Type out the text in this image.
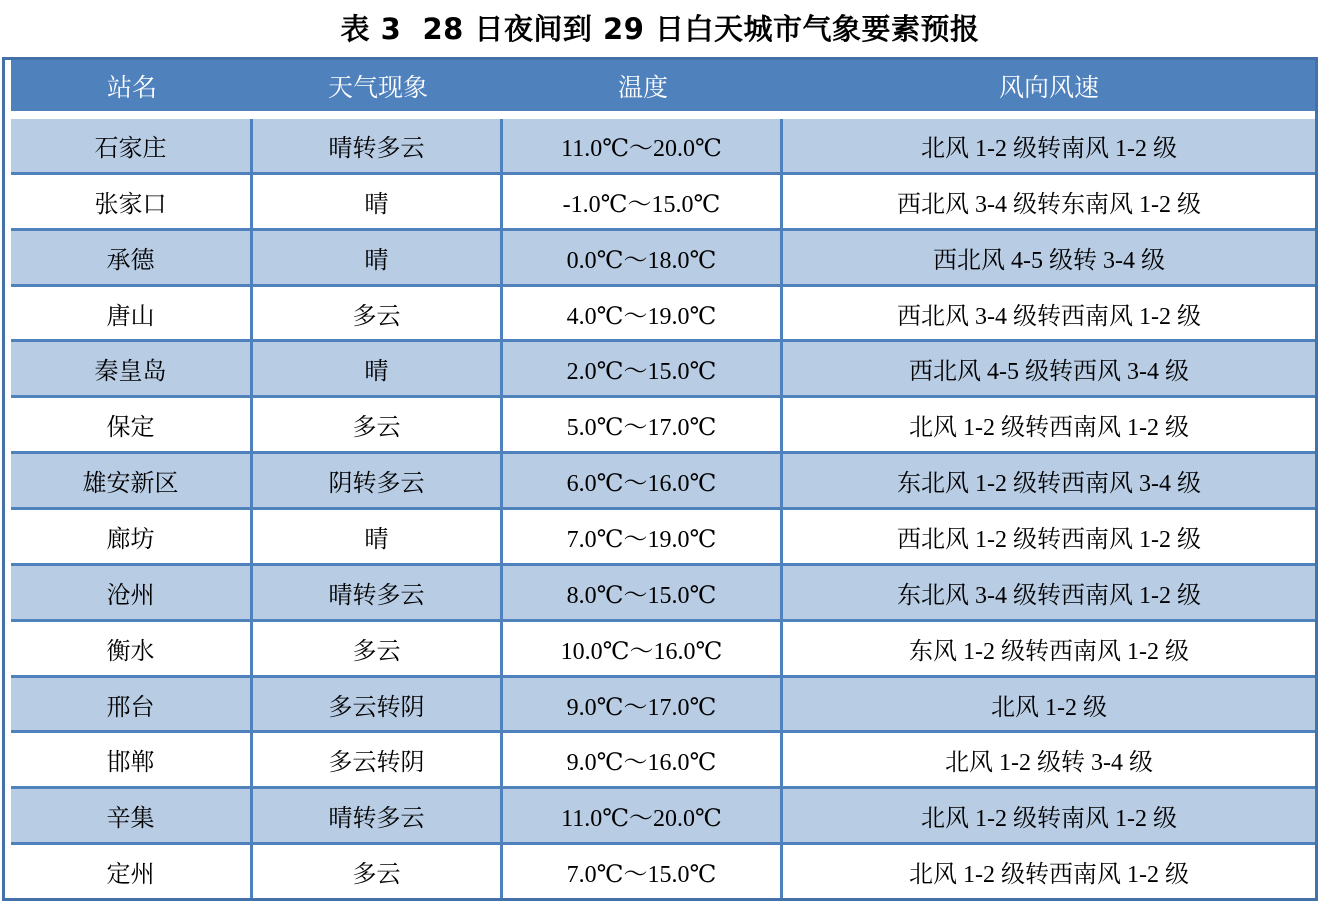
表 3  28 日夜间到 29 日白天城市气象要素预报
站名	天气现象	温度	风向风速
石家庄	晴转多云	11.0℃～20.0℃	北风 1-2 级转南风 1-2 级
张家口	晴	-1.0℃～15.0℃	西北风 3-4 级转东南风 1-2 级
承德	晴	0.0℃～18.0℃	西北风 4-5 级转 3-4 级
唐山	多云	4.0℃～19.0℃	西北风 3-4 级转西南风 1-2 级
秦皇岛	晴	2.0℃～15.0℃	西北风 4-5 级转西风 3-4 级
保定	多云	5.0℃～17.0℃	北风 1-2 级转西南风 1-2 级
雄安新区	阴转多云	6.0℃～16.0℃	东北风 1-2 级转西南风 3-4 级
廊坊	晴	7.0℃～19.0℃	西北风 1-2 级转西南风 1-2 级
沧州	晴转多云	8.0℃～15.0℃	东北风 3-4 级转西南风 1-2 级
衡水	多云	10.0℃～16.0℃	东风 1-2 级转西南风 1-2 级
邢台	多云转阴	9.0℃～17.0℃	北风 1-2 级
邯郸	多云转阴	9.0℃～16.0℃	北风 1-2 级转 3-4 级
辛集	晴转多云	11.0℃～20.0℃	北风 1-2 级转南风 1-2 级
定州	多云	7.0℃～15.0℃	北风 1-2 级转西南风 1-2 级
